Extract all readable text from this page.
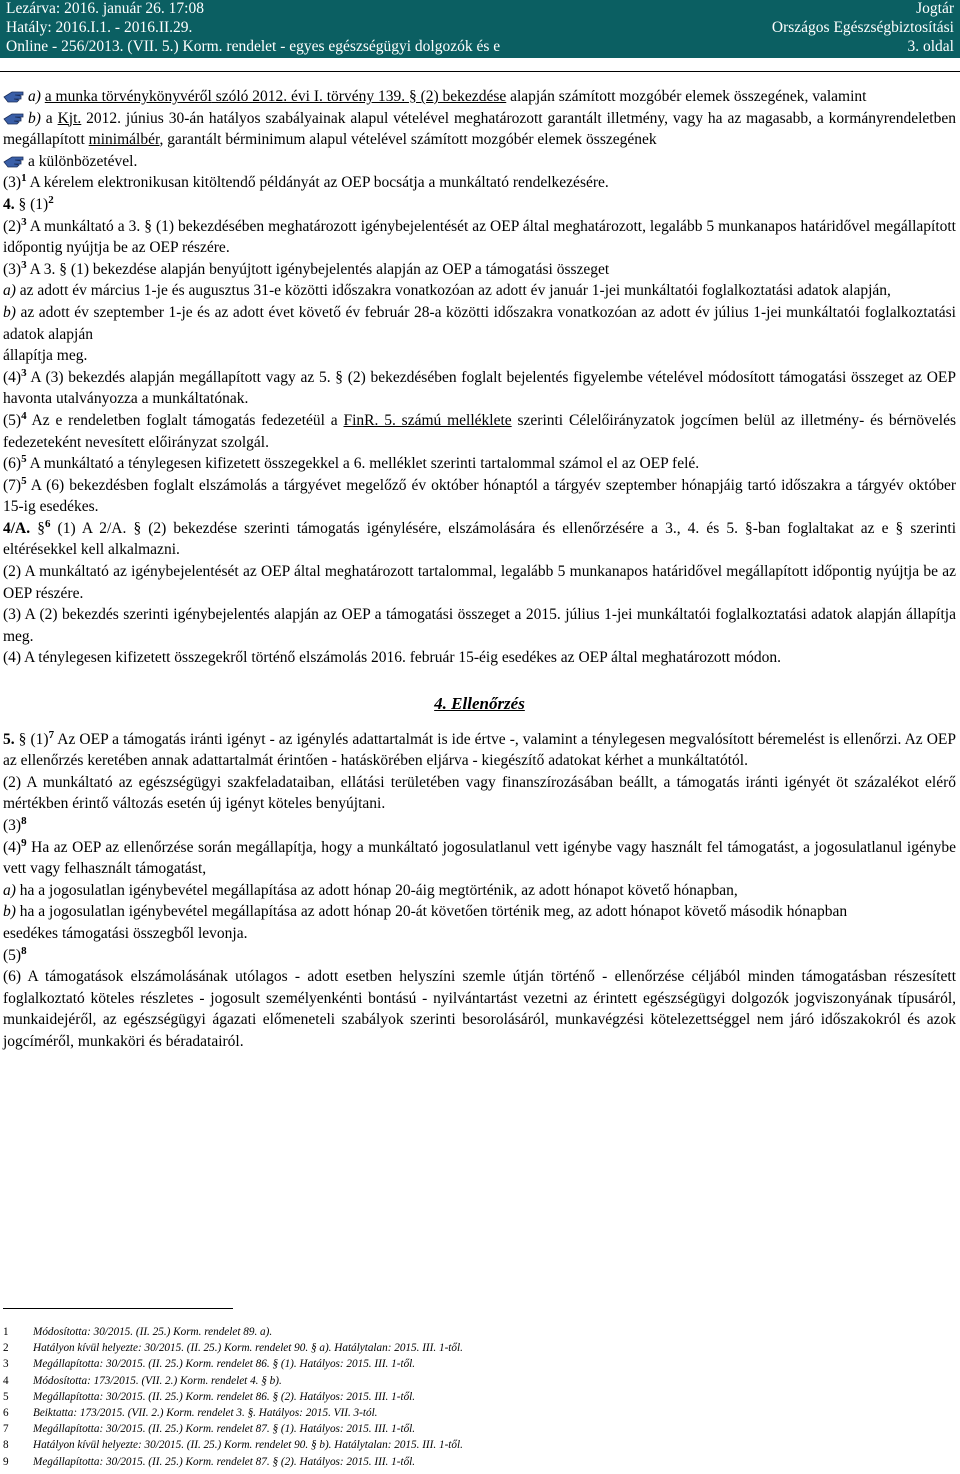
Lezárva: 2016. január 26. 17:08	Jogtár
Hatály: 2016.I.1. - 2016.II.29.	Országos Egészségbiztosítási
Online - 256/2013. (VII. 5.) Korm. rendelet - egyes egészségügyi dolgozók és e	3. oldal

a) a munka törvénykönyvéről szóló 2012. évi I. törvény 139. § (2) bekezdése alapján számított mozgóbér elemek összegének, valamint

b) a Kjt. 2012. június 30-án hatályos szabályainak alapul vételével meghatározott garantált illetmény, vagy ha az magasabb, a kormányrendeletben megállapított minimálbér, garantált bérminimum alapul vételével számított mozgóbér elemek összegének

a különbözetével.

$(3)^1$ A kérelem elektronikusan kitöltendő példányát az OEP bocsátja a munkáltató rendelkezésére.

4. § $(1)^2$

$(2)^3$ A munkáltató a 3. § (1) bekezdésében meghatározott igénybejelentését az OEP által meghatározott, legalább 5 munkanapos határidővel megállapított időpontig nyújtja be az OEP részére.

$(3)^3$ A 3. § (1) bekezdése alapján benyújtott igénybejelentés alapján az OEP a támogatási összeget

a) az adott év március 1-je és augusztus 31-e közötti időszakra vonatkozóan az adott év január 1-jei munkáltatói foglalkoztatási adatok alapján,

b) az adott év szeptember 1-je és az adott évet követő év február 28-a közötti időszakra vonatkozóan az adott év július 1-jei munkáltatói foglalkoztatási adatok alapján

állapítja meg.

$(4)^3$ A (3) bekezdés alapján megállapított vagy az 5. § (2) bekezdésében foglalt bejelentés figyelembe vételével módosított támogatási összeget az OEP havonta utalványozza a munkáltatónak.

$(5)^4$ Az e rendeletben foglalt támogatás fedezetéül a FinR. 5. számú melléklete szerinti Célelőirányzatok jogcímen belül az illetmény- és bérnövelés fedezeteként nevesített előirányzat szolgál.

$(6)^5$ A munkáltató a ténylegesen kifizetett összegekkel a 6. melléklet szerinti tartalommal számol el az OEP felé.

$(7)^5$ A (6) bekezdésben foglalt elszámolás a tárgyévet megelőző év október hónaptól a tárgyév szeptember hónapjáig tartó időszakra a tárgyév október 15-ig esedékes.

4/A. §$^6$ (1) A 2/A. § (2) bekezdése szerinti támogatás igénylésére, elszámolására és ellenőrzésére a 3., 4. és 5. §-ban foglaltakat az e § szerinti eltérésekkel kell alkalmazni.

(2) A munkáltató az igénybejelentését az OEP által meghatározott tartalommal, legalább 5 munkanapos határidővel megállapított időpontig nyújtja be az OEP részére.

(3) A (2) bekezdés szerinti igénybejelentés alapján az OEP a támogatási összeget a 2015. július 1-jei munkáltatói foglalkoztatási adatok alapján állapítja meg.

(4) A ténylegesen kifizetett összegekről történő elszámolás 2016. február 15-éig esedékes az OEP által meghatározott módon.

4. Ellenőrzés

5. § $(1)^7$ Az OEP a támogatás iránti igényt - az igénylés adattartalmát is ide értve -, valamint a ténylegesen megvalósított béremelést is ellenőrzi. Az OEP az ellenőrzés keretében annak adattartalmát érintően - hatáskörében eljárva - kiegészítő adatokat kérhet a munkáltatótól.

(2) A munkáltató az egészségügyi szakfeladataiban, ellátási területében vagy finanszírozásában beállt, a támogatás iránti igényét öt százalékot elérő mértékben érintő változás esetén új igényt köteles benyújtani.

$(3)^8$

$(4)^9$ Ha az OEP az ellenőrzése során megállapítja, hogy a munkáltató jogosulatlanul vett igénybe vagy használt fel támogatást, a jogosulatlanul igénybe vett vagy felhasznált támogatást,

a) ha a jogosulatlan igénybevétel megállapítása az adott hónap 20-áig megtörténik, az adott hónapot követő hónapban,

b) ha a jogosulatlan igénybevétel megállapítása az adott hónap 20-át követően történik meg, az adott hónapot követő második hónapban

esedékes támogatási összegből levonja.

$(5)^8$

(6) A támogatások elszámolásának utólagos - adott esetben helyszíni szemle útján történő - ellenőrzése céljából minden támogatásban részesített foglalkoztató köteles részletes - jogosult személyenkénti bontású - nyilvántartást vezetni az érintett egészségügyi dolgozók jogviszonyának típusáról, munkaidejéről, az egészségügyi ágazati előmeneteli szabályok szerinti besorolásáról, munkavégzési kötelezettséggel nem járó időszakokról és azok jogcíméről, munkaköri és béradatairól.

1	Módosította: 30/2015. (II. 25.) Korm. rendelet 89. a).
2	Hatályon kívül helyezte: 30/2015. (II. 25.) Korm. rendelet 90. § a). Hatálytalan: 2015. III. 1-től.
3	Megállapította: 30/2015. (II. 25.) Korm. rendelet 86. § (1). Hatályos: 2015. III. 1-től.
4	Módosította: 173/2015. (VII. 2.) Korm. rendelet 4. § b).
5	Megállapította: 30/2015. (II. 25.) Korm. rendelet 86. § (2). Hatályos: 2015. III. 1-től.
6	Beiktatta: 173/2015. (VII. 2.) Korm. rendelet 3. §. Hatályos: 2015. VII. 3-tól.
7	Megállapította: 30/2015. (II. 25.) Korm. rendelet 87. § (1). Hatályos: 2015. III. 1-től.
8	Hatályon kívül helyezte: 30/2015. (II. 25.) Korm. rendelet 90. § b). Hatálytalan: 2015. III. 1-től.
9	Megállapította: 30/2015. (II. 25.) Korm. rendelet 87. § (2). Hatályos: 2015. III. 1-től.
